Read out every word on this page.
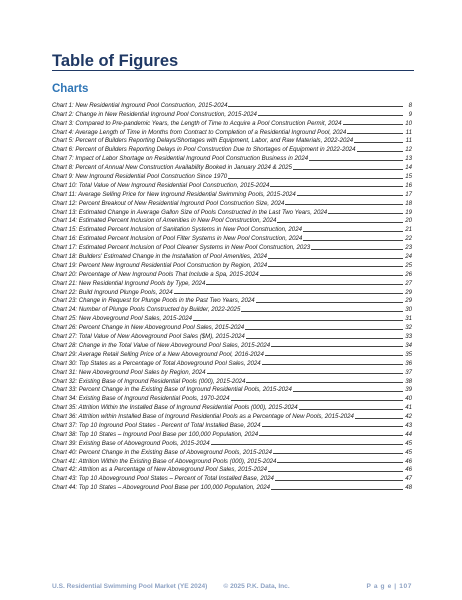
Table of Figures
Charts
Chart 1: New Residential Inground Pool Construction, 2015-2024	8
Chart 2: Change in New Residential Inground Pool Construction, 2015-2024	9
Chart 3: Compared to Pre-pandemic Years, the Length of Time to Acquire a Pool Construction Permit, 2024	10
Chart 4: Average Length of Time in Months from Contract to Completion of a Residential Inground Pool, 2024	11
Chart 5: Percent of Builders Reporting Delays/Shortages with Equipment, Labor, and Raw Materials, 2022-2024	11
Chart 6: Percent of Builders Reporting Delays in Pool Construction Due to Shortages of Equipment in 2022-2024	12
Chart 7: Impact of Labor Shortage on Residential Inground Pool Construction Business in 2024	13
Chart 8: Percent of Annual New Construction Availability Booked in January 2024 & 2025	14
Chart 9: New Inground Residential Pool Construction Since 1970	15
Chart 10: Total Value of New Inground Residential Pool Construction, 2015-2024	16
Chart 11: Average Selling Price for New Inground Residential Swimming Pools, 2015-2024	17
Chart 12: Percent Breakout of New Residential Inground Pool Construction Size, 2024	18
Chart 13: Estimated Change in Average Gallon Size of Pools Constructed in the Last Two Years, 2024	19
Chart 14: Estimated Percent Inclusion of Amenities in New Pool Construction, 2024	20
Chart 15: Estimated Percent Inclusion of Sanitation Systems in New Pool Construction, 2024	21
Chart 16: Estimated Percent Inclusion of Pool Filter Systems in New Pool Construction, 2024	22
Chart 17: Estimated Percent Inclusion of Pool Cleaner Systems in New Pool Construction, 2023	23
Chart 18: Builders' Estimated Change in the Installation of Pool Amenities, 2024	24
Chart 19: Percent New Inground Residential Pool Construction by Region, 2024	25
Chart 20: Percentage of New Inground Pools That Include a Spa, 2015-2024	26
Chart 21: New Residential Inground Pools by Type, 2024	27
Chart 22: Build Inground Plunge Pools, 2024	29
Chart 23: Change in Request for Plunge Pools in the Past Two Years, 2024	29
Chart 24: Number of Plunge Pools Constructed by Builder, 2022-2025	30
Chart 25: New Aboveground Pool Sales, 2015-2024	31
Chart 26: Percent Change in New Aboveground Pool Sales, 2015-2024	32
Chart 27: Total Value of New Aboveground Pool Sales ($M), 2015-2024	33
Chart 28: Change in the Total Value of New Aboveground Pool Sales, 2015-2024	34
Chart 29: Average Retail Selling Price of a New Aboveground Pool, 2016-2024	35
Chart 30: Top States as a Percentage of Total Aboveground Pool Sales, 2024	36
Chart 31: New Aboveground Pool Sales by Region, 2024	37
Chart 32: Existing Base of Inground Residential Pools (000), 2015-2024	38
Chart 33: Percent Change in the Existing Base of Inground Residential Pools, 2015-2024	39
Chart 34: Existing Base of Inground Residential Pools, 1970-2024	40
Chart 35: Attrition Within the Installed Base of Inground Residential Pools (000), 2015-2024	41
Chart 36: Attrition within Installed Base of Inground Residential Pools as a Percentage of New Pools, 2015-2024	42
Chart 37: Top 10 Inground Pool States - Percent of Total Installed Base, 2024	43
Chart 38: Top 10 States – Inground Pool Base per 100,000 Population, 2024	44
Chart 39: Existing Base of Aboveground Pools, 2015-2024	45
Chart 40: Percent Change in the Existing Base of Aboveground Pools, 2015-2024	45
Chart 41: Attrition Within the Existing Base of Aboveground Pools (000), 2015-2024	46
Chart 42: Attrition as a Percentage of New Aboveground Pool Sales, 2015-2024	46
Chart 43: Top 10 Aboveground Pool States – Percent of Total Installed Base, 2024	47
Chart 44: Top 10 States – Aboveground Pool Base per 100,000 Population, 2024	48
U.S. Residential Swimming Pool Market (YE 2024) © 2025 P.K. Data, Inc.	P a g e | 107
